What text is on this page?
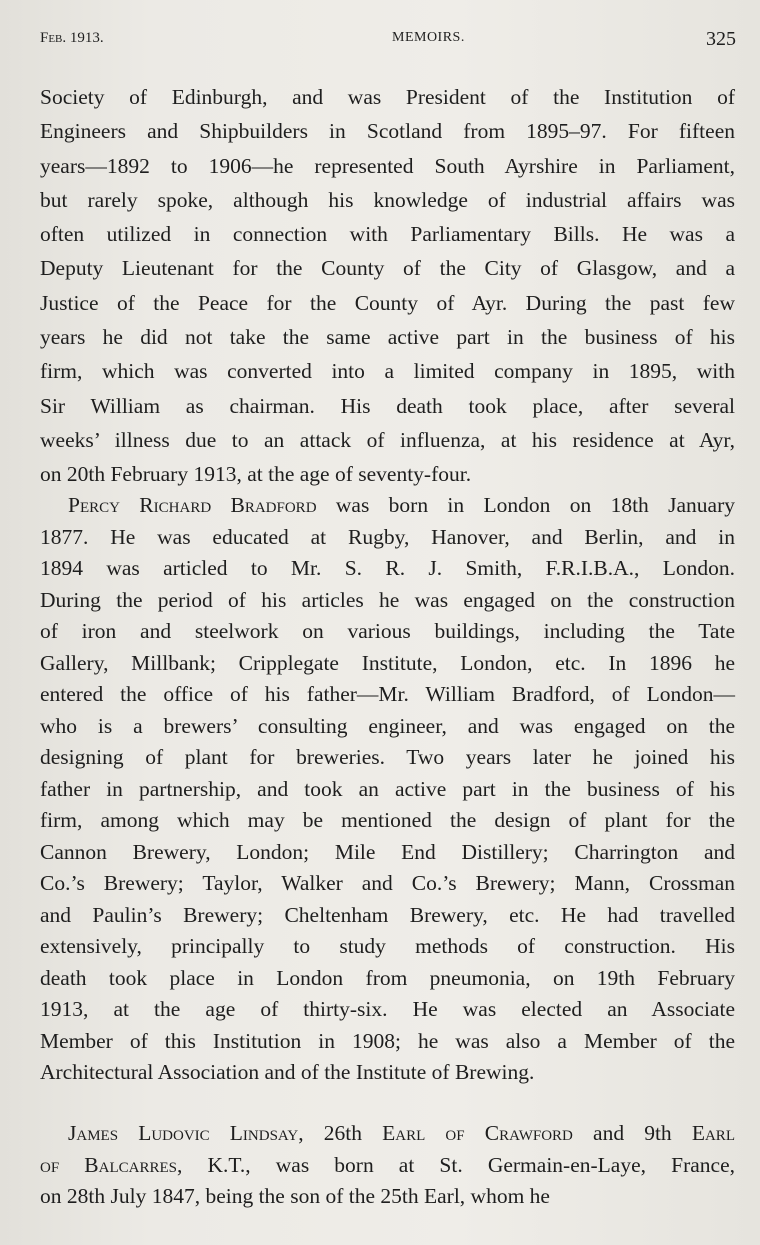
Feb. 1913.	MEMOIRS.	325
Society of Edinburgh, and was President of the Institution of
Engineers and Shipbuilders in Scotland from 1895–97. For fifteen
years—1892 to 1906—he represented South Ayrshire in Parliament,
but rarely spoke, although his knowledge of industrial affairs was
often utilized in connection with Parliamentary Bills. He was a
Deputy Lieutenant for the County of the City of Glasgow, and a
Justice of the Peace for the County of Ayr. During the past few
years he did not take the same active part in the business of his
firm, which was converted into a limited company in 1895, with
Sir William as chairman. His death took place, after several
weeks’ illness due to an attack of influenza, at his residence at Ayr,
on 20th February 1913, at the age of seventy-four.
Percy Richard Bradford was born in London on 18th January
1877. He was educated at Rugby, Hanover, and Berlin, and in
1894 was articled to Mr. S. R. J. Smith, F.R.I.B.A., London.
During the period of his articles he was engaged on the construction
of iron and steelwork on various buildings, including the Tate
Gallery, Millbank; Cripplegate Institute, London, etc. In 1896 he
entered the office of his father—Mr. William Bradford, of London—
who is a brewers’ consulting engineer, and was engaged on the
designing of plant for breweries. Two years later he joined his
father in partnership, and took an active part in the business of his
firm, among which may be mentioned the design of plant for the
Cannon Brewery, London; Mile End Distillery; Charrington and
Co.’s Brewery; Taylor, Walker and Co.’s Brewery; Mann, Crossman
and Paulin’s Brewery; Cheltenham Brewery, etc. He had travelled
extensively, principally to study methods of construction. His
death took place in London from pneumonia, on 19th February
1913, at the age of thirty-six. He was elected an Associate
Member of this Institution in 1908; he was also a Member of the
Architectural Association and of the Institute of Brewing.
James Ludovic Lindsay, 26th Earl of Crawford and 9th Earl
of Balcarres, K.T., was born at St. Germain-en-Laye, France,
on 28th July 1847, being the son of the 25th Earl, whom he
